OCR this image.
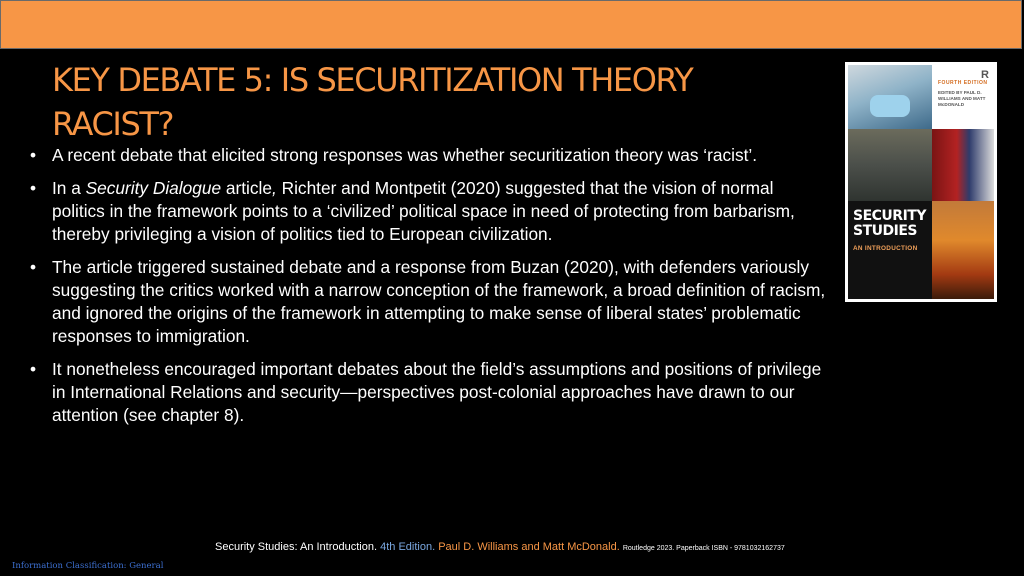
KEY DEBATE 5: IS SECURITIZATION THEORY RACIST?
• A recent debate that elicited strong responses was whether securitization theory was ‘racist’.
• In a Security Dialogue article, Richter and Montpetit (2020) suggested that the vision of normal politics in the framework points to a ‘civilized’ political space in need of protecting from barbarism, thereby privileging a vision of politics tied to European civilization.
• The article triggered sustained debate and a response from Buzan (2020), with defenders variously suggesting the critics worked with a narrow conception of the framework, a broad definition of racism, and ignored the origins of the framework in attempting to make sense of liberal states’ problematic responses to immigration.
• It nonetheless encouraged important debates about the field’s assumptions and positions of privilege in International Relations and security—perspectives post-colonial approaches have drawn to our attention (see chapter 8).
R
FOURTH EDITION
EDITED BY PAUL D. WILLIAMS AND MATT McDONALD
SECURITY
STUDIES
AN INTRODUCTION
Security Studies: An Introduction. 4th Edition. Paul D. Williams and Matt McDonald. Routledge 2023. Paperback ISBN - 9781032162737
Information Classification: General
